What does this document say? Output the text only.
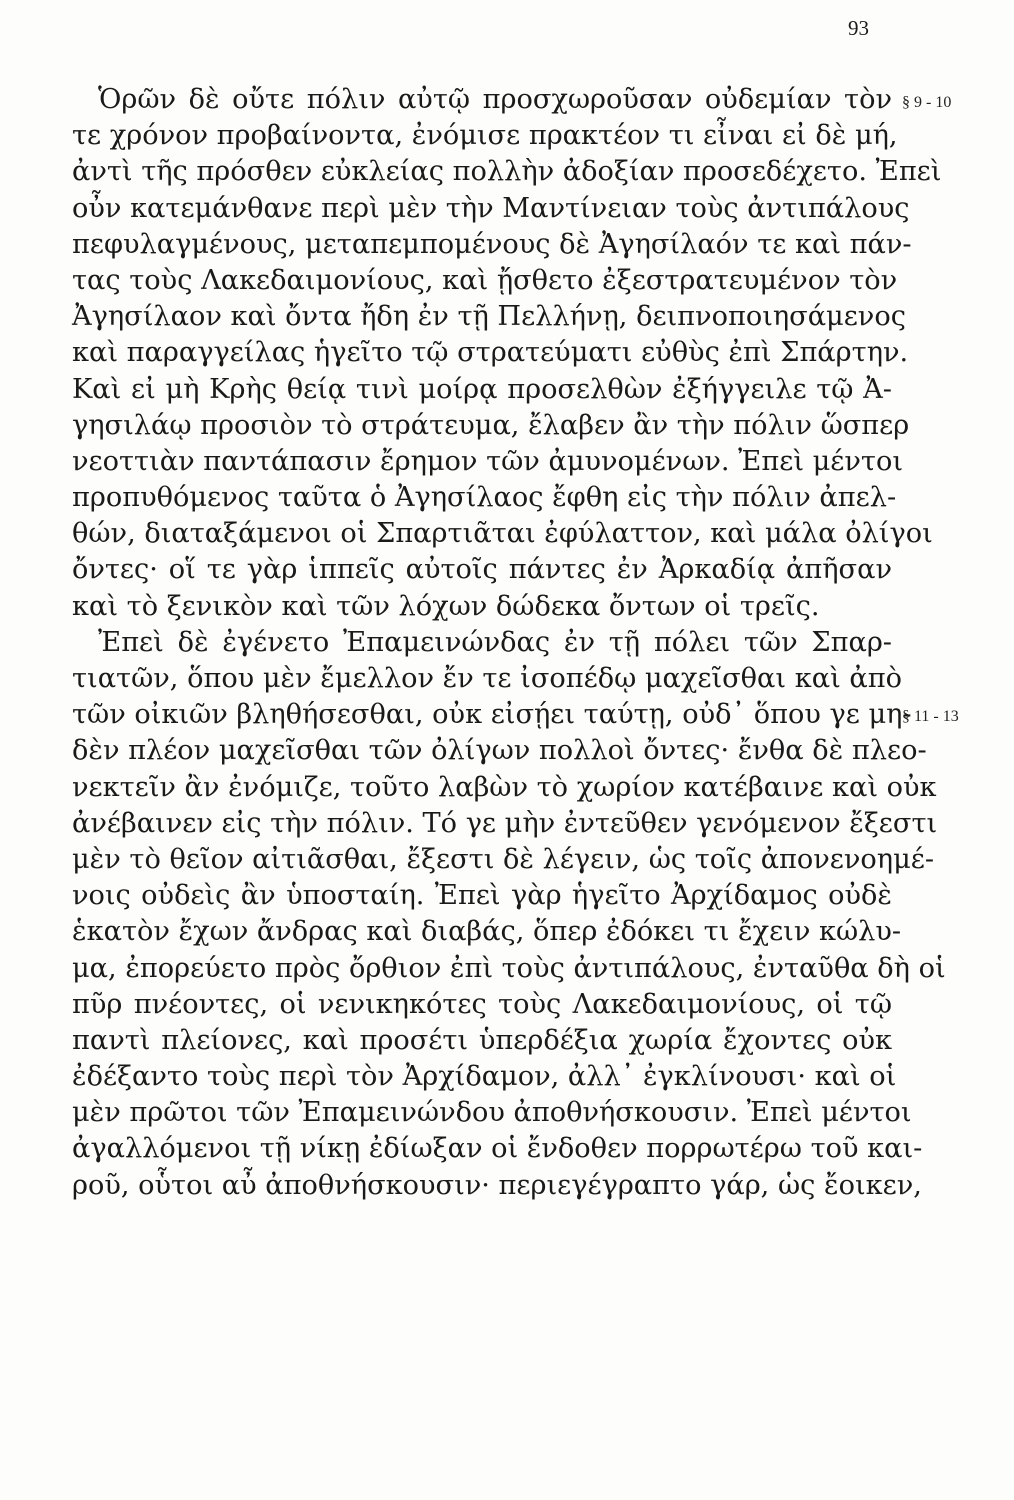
93
§ 9 - 10
§ 11 - 13
Ὁρῶν δὲ οὔτε πόλιν αὐτῷ προσχωροῦσαν οὐδεμίαν τὸν
τε χρόνον προβαίνοντα, ἐνόμισε πρακτέον τι εἶναι εἰ δὲ μή,
ἀντὶ τῆς πρόσθεν εὐκλείας πολλὴν ἀδοξίαν προσεδέχετο. Ἐπεὶ
οὖν κατεμάνθανε περὶ μὲν τὴν Μαντίνειαν τοὺς ἀντιπάλους
πεφυλαγμένους, μεταπεμπομένους δὲ Ἀγησίλαόν τε καὶ πάν-
τας τοὺς Λακεδαιμονίους, καὶ ᾔσθετο ἐξεστρατευμένον τὸν
Ἀγησίλαον καὶ ὄντα ἤδη ἐν τῇ Πελλήνῃ, δειπνοποιησάμενος
καὶ παραγγείλας ἡγεῖτο τῷ στρατεύματι εὐθὺς ἐπὶ Σπάρτην.
Καὶ εἰ μὴ Κρὴς θείᾳ τινὶ μοίρᾳ προσελθὼν ἐξήγγειλε τῷ Ἀ-
γησιλάῳ προσιὸν τὸ στράτευμα, ἔλαβεν ἂν τὴν πόλιν ὥσπερ
νεοττιὰν παντάπασιν ἔρημον τῶν ἀμυνομένων. Ἐπεὶ μέντοι
προπυθόμενος ταῦτα ὁ Ἀγησίλαος ἔφθη εἰς τὴν πόλιν ἀπελ-
θών, διαταξάμενοι οἱ Σπαρτιᾶται ἐφύλαττον, καὶ μάλα ὀλίγοι
ὄντες· οἵ τε γὰρ ἱππεῖς αὐτοῖς πάντες ἐν Ἀρκαδίᾳ ἀπῆσαν
καὶ τὸ ξενικὸν καὶ τῶν λόχων δώδεκα ὄντων οἱ τρεῖς.
Ἐπεὶ δὲ ἐγένετο Ἐπαμεινώνδας ἐν τῇ πόλει τῶν Σπαρ-
τιατῶν, ὅπου μὲν ἔμελλον ἔν τε ἰσοπέδῳ μαχεῖσθαι καὶ ἀπὸ
τῶν οἰκιῶν βληθήσεσθαι, οὐκ εἰσῄει ταύτῃ, οὐδ᾽ ὅπου γε μη-
δὲν πλέον μαχεῖσθαι τῶν ὀλίγων πολλοὶ ὄντες· ἔνθα δὲ πλεο-
νεκτεῖν ἂν ἐνόμιζε, τοῦτο λαβὼν τὸ χωρίον κατέβαινε καὶ οὐκ
ἀνέβαινεν εἰς τὴν πόλιν. Τό γε μὴν ἐντεῦθεν γενόμενον ἔξεστι
μὲν τὸ θεῖον αἰτιᾶσθαι, ἔξεστι δὲ λέγειν, ὡς τοῖς ἀπονενοημέ-
νοις οὐδεὶς ἂν ὑποσταίη. Ἐπεὶ γὰρ ἡγεῖτο Ἀρχίδαμος οὐδὲ
ἑκατὸν ἔχων ἄνδρας καὶ διαβάς, ὅπερ ἐδόκει τι ἔχειν κώλυ-
μα, ἐπορεύετο πρὸς ὄρθιον ἐπὶ τοὺς ἀντιπάλους, ἐνταῦθα δὴ οἱ
πῦρ πνέοντες, οἱ νενικηκότες τοὺς Λακεδαιμονίους, οἱ τῷ
παντὶ πλείονες, καὶ προσέτι ὑπερδέξια χωρία ἔχοντες οὐκ
ἐδέξαντο τοὺς περὶ τὸν Ἀρχίδαμον, ἀλλ᾽ ἐγκλίνουσι· καὶ οἱ
μὲν πρῶτοι τῶν Ἐπαμεινώνδου ἀποθνήσκουσιν. Ἐπεὶ μέντοι
ἀγαλλόμενοι τῇ νίκῃ ἐδίωξαν οἱ ἔνδοθεν πορρωτέρω τοῦ και-
ροῦ, οὗτοι αὖ ἀποθνήσκουσιν· περιεγέγραπτο γάρ, ὡς ἔοικεν,
